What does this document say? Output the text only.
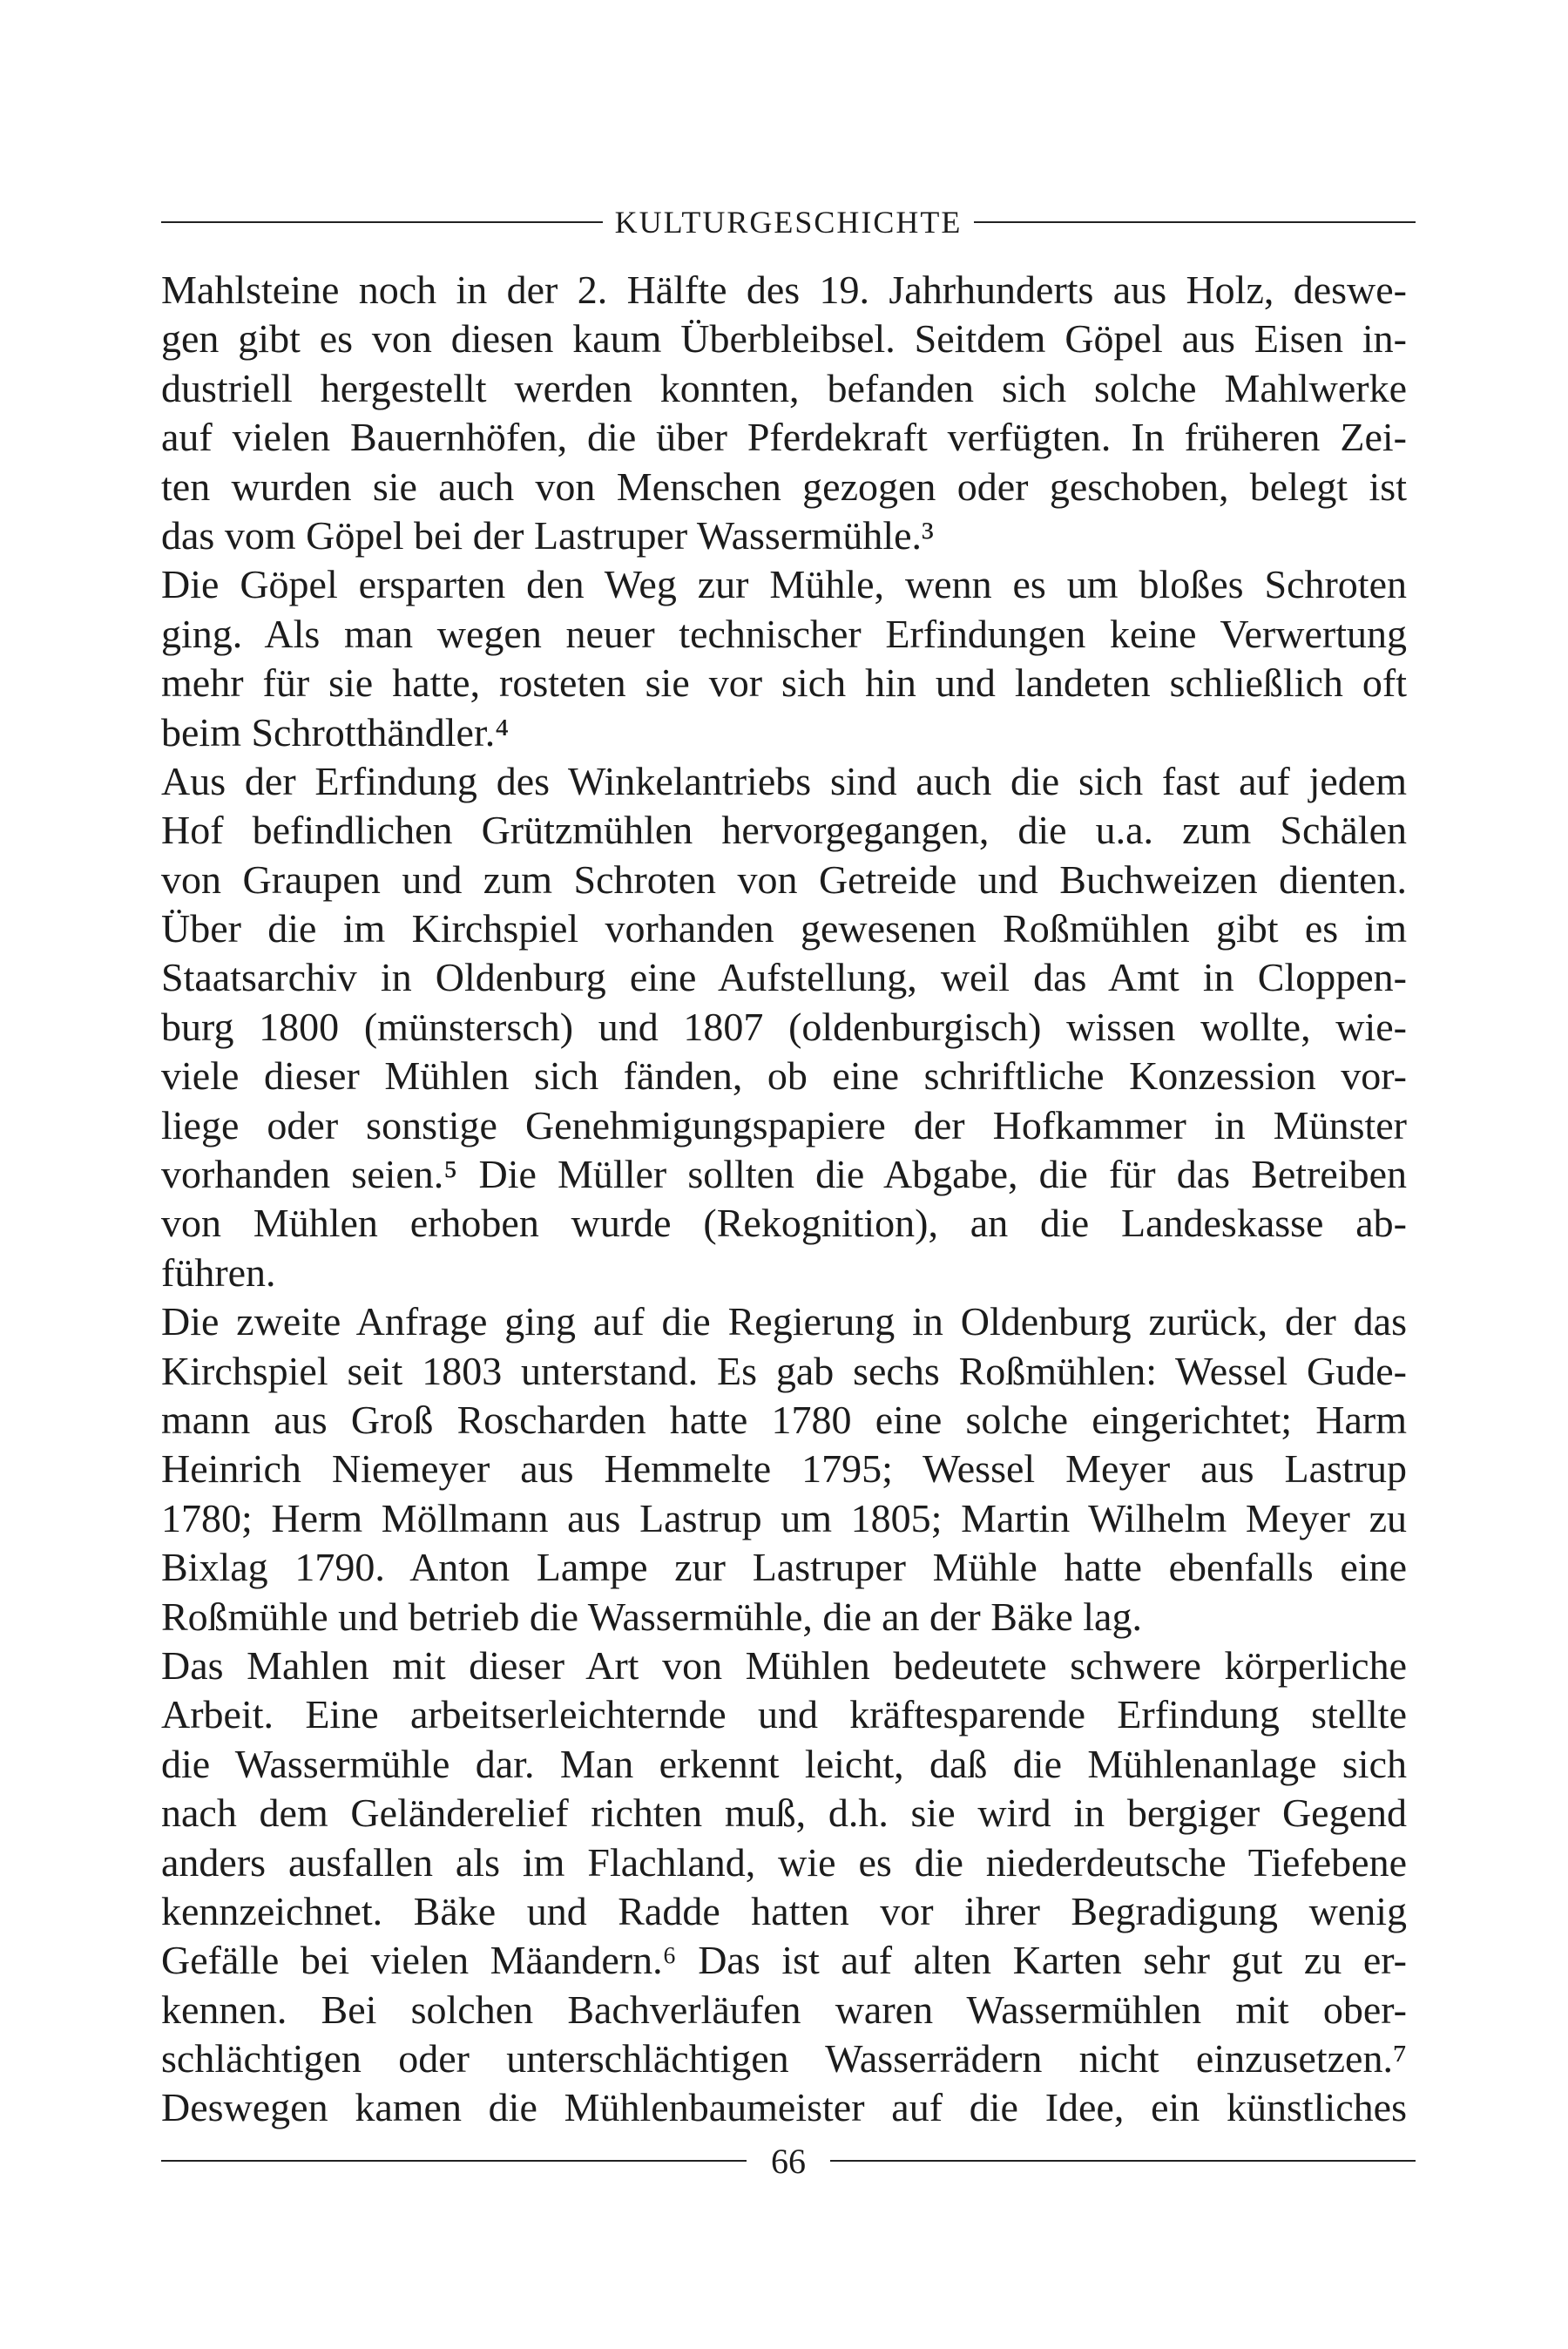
KULTURGESCHICHTE
Mahlsteine noch in der 2. Hälfte des 19. Jahrhunderts aus Holz, deswe-
gen gibt es von diesen kaum Überbleibsel. Seitdem Göpel aus Eisen in-
dustriell hergestellt werden konnten, befanden sich solche Mahlwerke
auf vielen Bauernhöfen, die über Pferdekraft verfügten. In früheren Zei-
ten wurden sie auch von Menschen gezogen oder geschoben, belegt ist
das vom Göpel bei der Lastruper Wassermühle.³
Die Göpel ersparten den Weg zur Mühle, wenn es um bloßes Schroten
ging. Als man wegen neuer technischer Erfindungen keine Verwertung
mehr für sie hatte, rosteten sie vor sich hin und landeten schließlich oft
beim Schrotthändler.⁴
Aus der Erfindung des Winkelantriebs sind auch die sich fast auf jedem
Hof befindlichen Grützmühlen hervorgegangen, die u.a. zum Schälen
von Graupen und zum Schroten von Getreide und Buchweizen dienten.
Über die im Kirchspiel vorhanden gewesenen Roßmühlen gibt es im
Staatsarchiv in Oldenburg eine Aufstellung, weil das Amt in Cloppen-
burg 1800 (münstersch) und 1807 (oldenburgisch) wissen wollte, wie-
viele dieser Mühlen sich fänden, ob eine schriftliche Konzession vor-
liege oder sonstige Genehmigungspapiere der Hofkammer in Münster
vorhanden seien.⁵ Die Müller sollten die Abgabe, die für das Betreiben
von Mühlen erhoben wurde (Rekognition), an die Landeskasse ab-
führen.
Die zweite Anfrage ging auf die Regierung in Oldenburg zurück, der das
Kirchspiel seit 1803 unterstand. Es gab sechs Roßmühlen: Wessel Gude-
mann aus Groß Roscharden hatte 1780 eine solche eingerichtet; Harm
Heinrich Niemeyer aus Hemmelte 1795; Wessel Meyer aus Lastrup
1780; Herm Möllmann aus Lastrup um 1805; Martin Wilhelm Meyer zu
Bixlag 1790. Anton Lampe zur Lastruper Mühle hatte ebenfalls eine
Roßmühle und betrieb die Wassermühle, die an der Bäke lag.
Das Mahlen mit dieser Art von Mühlen bedeutete schwere körperliche
Arbeit. Eine arbeitserleichternde und kräftesparende Erfindung stellte
die Wassermühle dar. Man erkennt leicht, daß die Mühlenanlage sich
nach dem Geländerelief richten muß, d.h. sie wird in bergiger Gegend
anders ausfallen als im Flachland, wie es die niederdeutsche Tiefebene
kennzeichnet. Bäke und Radde hatten vor ihrer Begradigung wenig
Gefälle bei vielen Mäandern.⁶ Das ist auf alten Karten sehr gut zu er-
kennen. Bei solchen Bachverläufen waren Wassermühlen mit ober-
schlächtigen oder unterschlächtigen Wasserrädern nicht einzusetzen.⁷
Deswegen kamen die Mühlenbaumeister auf die Idee, ein künstliches
66
